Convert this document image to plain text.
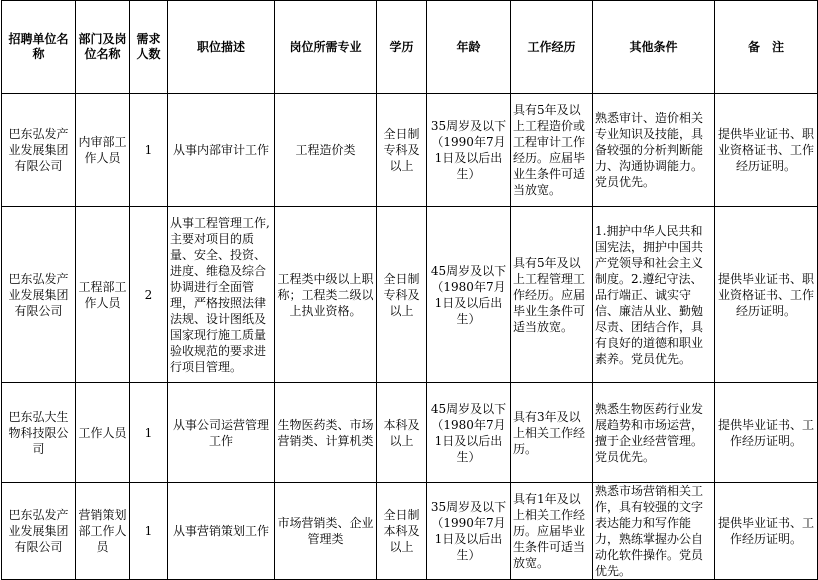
招聘单位名称	部门及岗位名称	需求人数	职位描述	岗位所需专业	学历	年龄	工作经历	其他条件	备　注
巴东弘发产业发展集团有限公司	内审部工作人员	1	从事内部审计工作	工程造价类	全日制专科及以上	35周岁及以下（1990年7月1日及以后出生）	具有5年及以上工程造价或工程审计工作经历。应届毕业生条件可适当放宽。	熟悉审计、造价相关专业知识及技能，具备较强的分析判断能力、沟通协调能力。党员优先。	提供毕业证书、职业资格证书、工作经历证明。
巴东弘发产业发展集团有限公司	工程部工作人员	2	从事工程管理工作,主要对项目的质量、安全、投资、进度、维稳及综合协调进行全面管理，严格按照法律法规、设计图纸及国家现行施工质量验收规范的要求进行项目管理。	工程类中级以上职称；工程类二级以上执业资格。	全日制专科及以上	45周岁及以下（1980年7月1日及以后出生）	具有5年及以上工程管理工作经历。应届毕业生条件可适当放宽。	1.拥护中华人民共和国宪法，拥护中国共产党领导和社会主义制度。2.遵纪守法、品行端正、诚实守信、廉洁从业、勤勉尽责、团结合作，具有良好的道德和职业素养。党员优先。	提供毕业证书、职业资格证书、工作经历证明。
巴东弘大生物科技限公司	工作人员	1	从事公司运营管理工作	生物医药类、市场营销类、计算机类	本科及以上	45周岁及以下（1980年7月1日及以后出生）	具有3年及以上相关工作经历。	熟悉生物医药行业发展趋势和市场运营，擅于企业经营管理。党员优先。	提供毕业证书、工作经历证明。
巴东弘发产业发展集团有限公司	营销策划部工作人员	1	从事营销策划工作	市场营销类、企业管理类	全日制本科及以上	35周岁及以下（1990年7月1日及以后出生）	具有1年及以上相关工作经历。应届毕业生条件可适当放宽。	熟悉市场营销相关工作，具有较强的文字表达能力和写作能力，熟练掌握办公自动化软件操作。党员优先。	提供毕业证书、工作经历证明。
